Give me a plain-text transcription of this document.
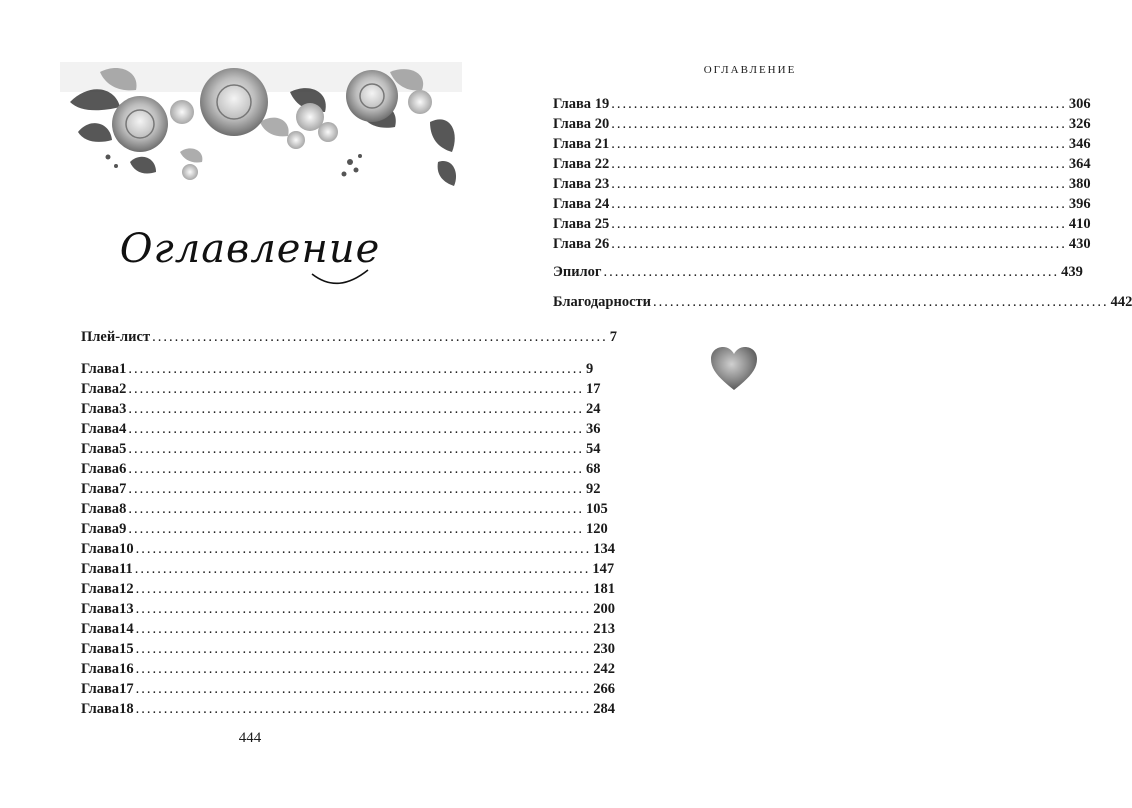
Оглавление
Плей-лист ................................................................................. 7
Глава 1 ................................................................................. 9
Глава 2 ................................................................................. 17
Глава 3 ................................................................................. 24
Глава 4 ................................................................................. 36
Глава 5 ................................................................................. 54
Глава 6 ................................................................................. 68
Глава 7 ................................................................................. 92
Глава 8 ................................................................................. 105
Глава 9 ................................................................................. 120
Глава 10 ................................................................................. 134
Глава 11 ................................................................................. 147
Глава 12 ................................................................................. 181
Глава 13 ................................................................................. 200
Глава 14 ................................................................................. 213
Глава 15 ................................................................................. 230
Глава 16 ................................................................................. 242
Глава 17 ................................................................................. 266
Глава 18 ................................................................................. 284
444
ОГЛАВЛЕНИЕ
Глава
19 ................................................................................. 306
Глава
20 ................................................................................. 326
Глава
21 ................................................................................. 346
Глава
22 ................................................................................. 364
Глава
23 ................................................................................. 380
Глава
24 ................................................................................. 396
Глава
25 ................................................................................. 410
Глава
26 ................................................................................. 430
Эпилог ................................................................................. 439
Благодарности ................................................................................. 442
